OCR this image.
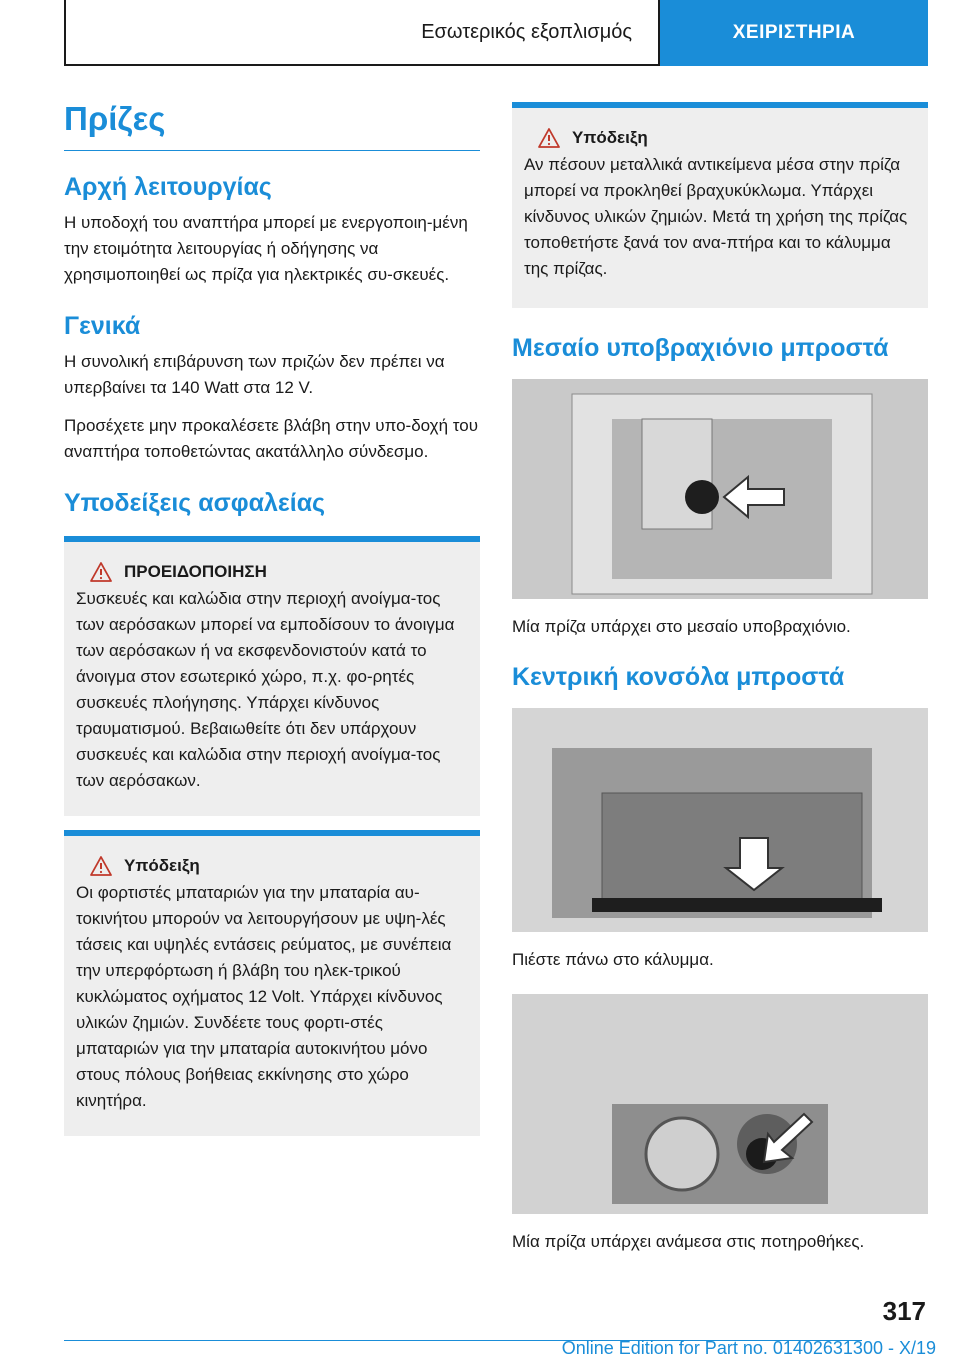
Εσωτερικός εξοπλισμός	ΧΕΙΡΙΣΤΗΡΙΑ
Πρίζες
Αρχή λειτουργίας

Η υποδοχή του αναπτήρα μπορεί με ενεργοποιη-μένη την ετοιμότητα λειτουργίας ή οδήγησης να χρησιμοποιηθεί ως πρίζα για ηλεκτρικές συ-σκευές.

Γενικά

Η συνολική επιβάρυνση των πριζών δεν πρέπει να υπερβαίνει τα 140 Watt στα 12 V.

Προσέχετε μην προκαλέσετε βλάβη στην υπο-δοχή του αναπτήρα τοποθετώντας ακατάλληλο σύνδεσμο.

Υποδείξεις ασφαλείας
ΠΡΟΕΙΔΟΠΟΙΗΣΗ

Συσκευές και καλώδια στην περιοχή ανοίγμα-τος των αερόσακων μπορεί να εμποδίσουν το άνοιγμα των αερόσακων ή να εκσφενδονιστούν κατά το άνοιγμα στον εσωτερικό χώρο, π.χ. φο-ρητές συσκευές πλοήγησης. Υπάρχει κίνδυνος τραυματισμού. Βεβαιωθείτε ότι δεν υπάρχουν συσκευές και καλώδια στην περιοχή ανοίγμα-τος των αερόσακων.

Υπόδειξη

Οι φορτιστές μπαταριών για την μπαταρία αυ-τοκινήτου μπορούν να λειτουργήσουν με υψη-λές τάσεις και υψηλές εντάσεις ρεύματος, με συνέπεια την υπερφόρτωση ή βλάβη του ηλεκ-τρικού κυκλώματος οχήματος 12 Volt. Υπάρχει κίνδυνος υλικών ζημιών. Συνδέετε τους φορτι-στές μπαταριών για την μπαταρία αυτοκινήτου μόνο στους πόλους βοήθειας εκκίνησης στο χώρο κινητήρα.

Υπόδειξη

Αν πέσουν μεταλλικά αντικείμενα μέσα στην πρίζα μπορεί να προκληθεί βραχυκύκλωμα. Υπάρχει κίνδυνος υλικών ζημιών. Μετά τη χρήση της πρίζας τοποθετήστε ξανά τον ανα-πτήρα και το κάλυμμα της πρίζας.

Μεσαίο υποβραχιόνιο μπροστά

Μία πρίζα υπάρχει στο μεσαίο υποβραχιόνιο.

Κεντρική κονσόλα μπροστά

Πιέστε πάνω στο κάλυμμα.

Μία πρίζα υπάρχει ανάμεσα στις ποτηροθήκες.

317
Online Edition for Part no. 01402631300 - X/19
